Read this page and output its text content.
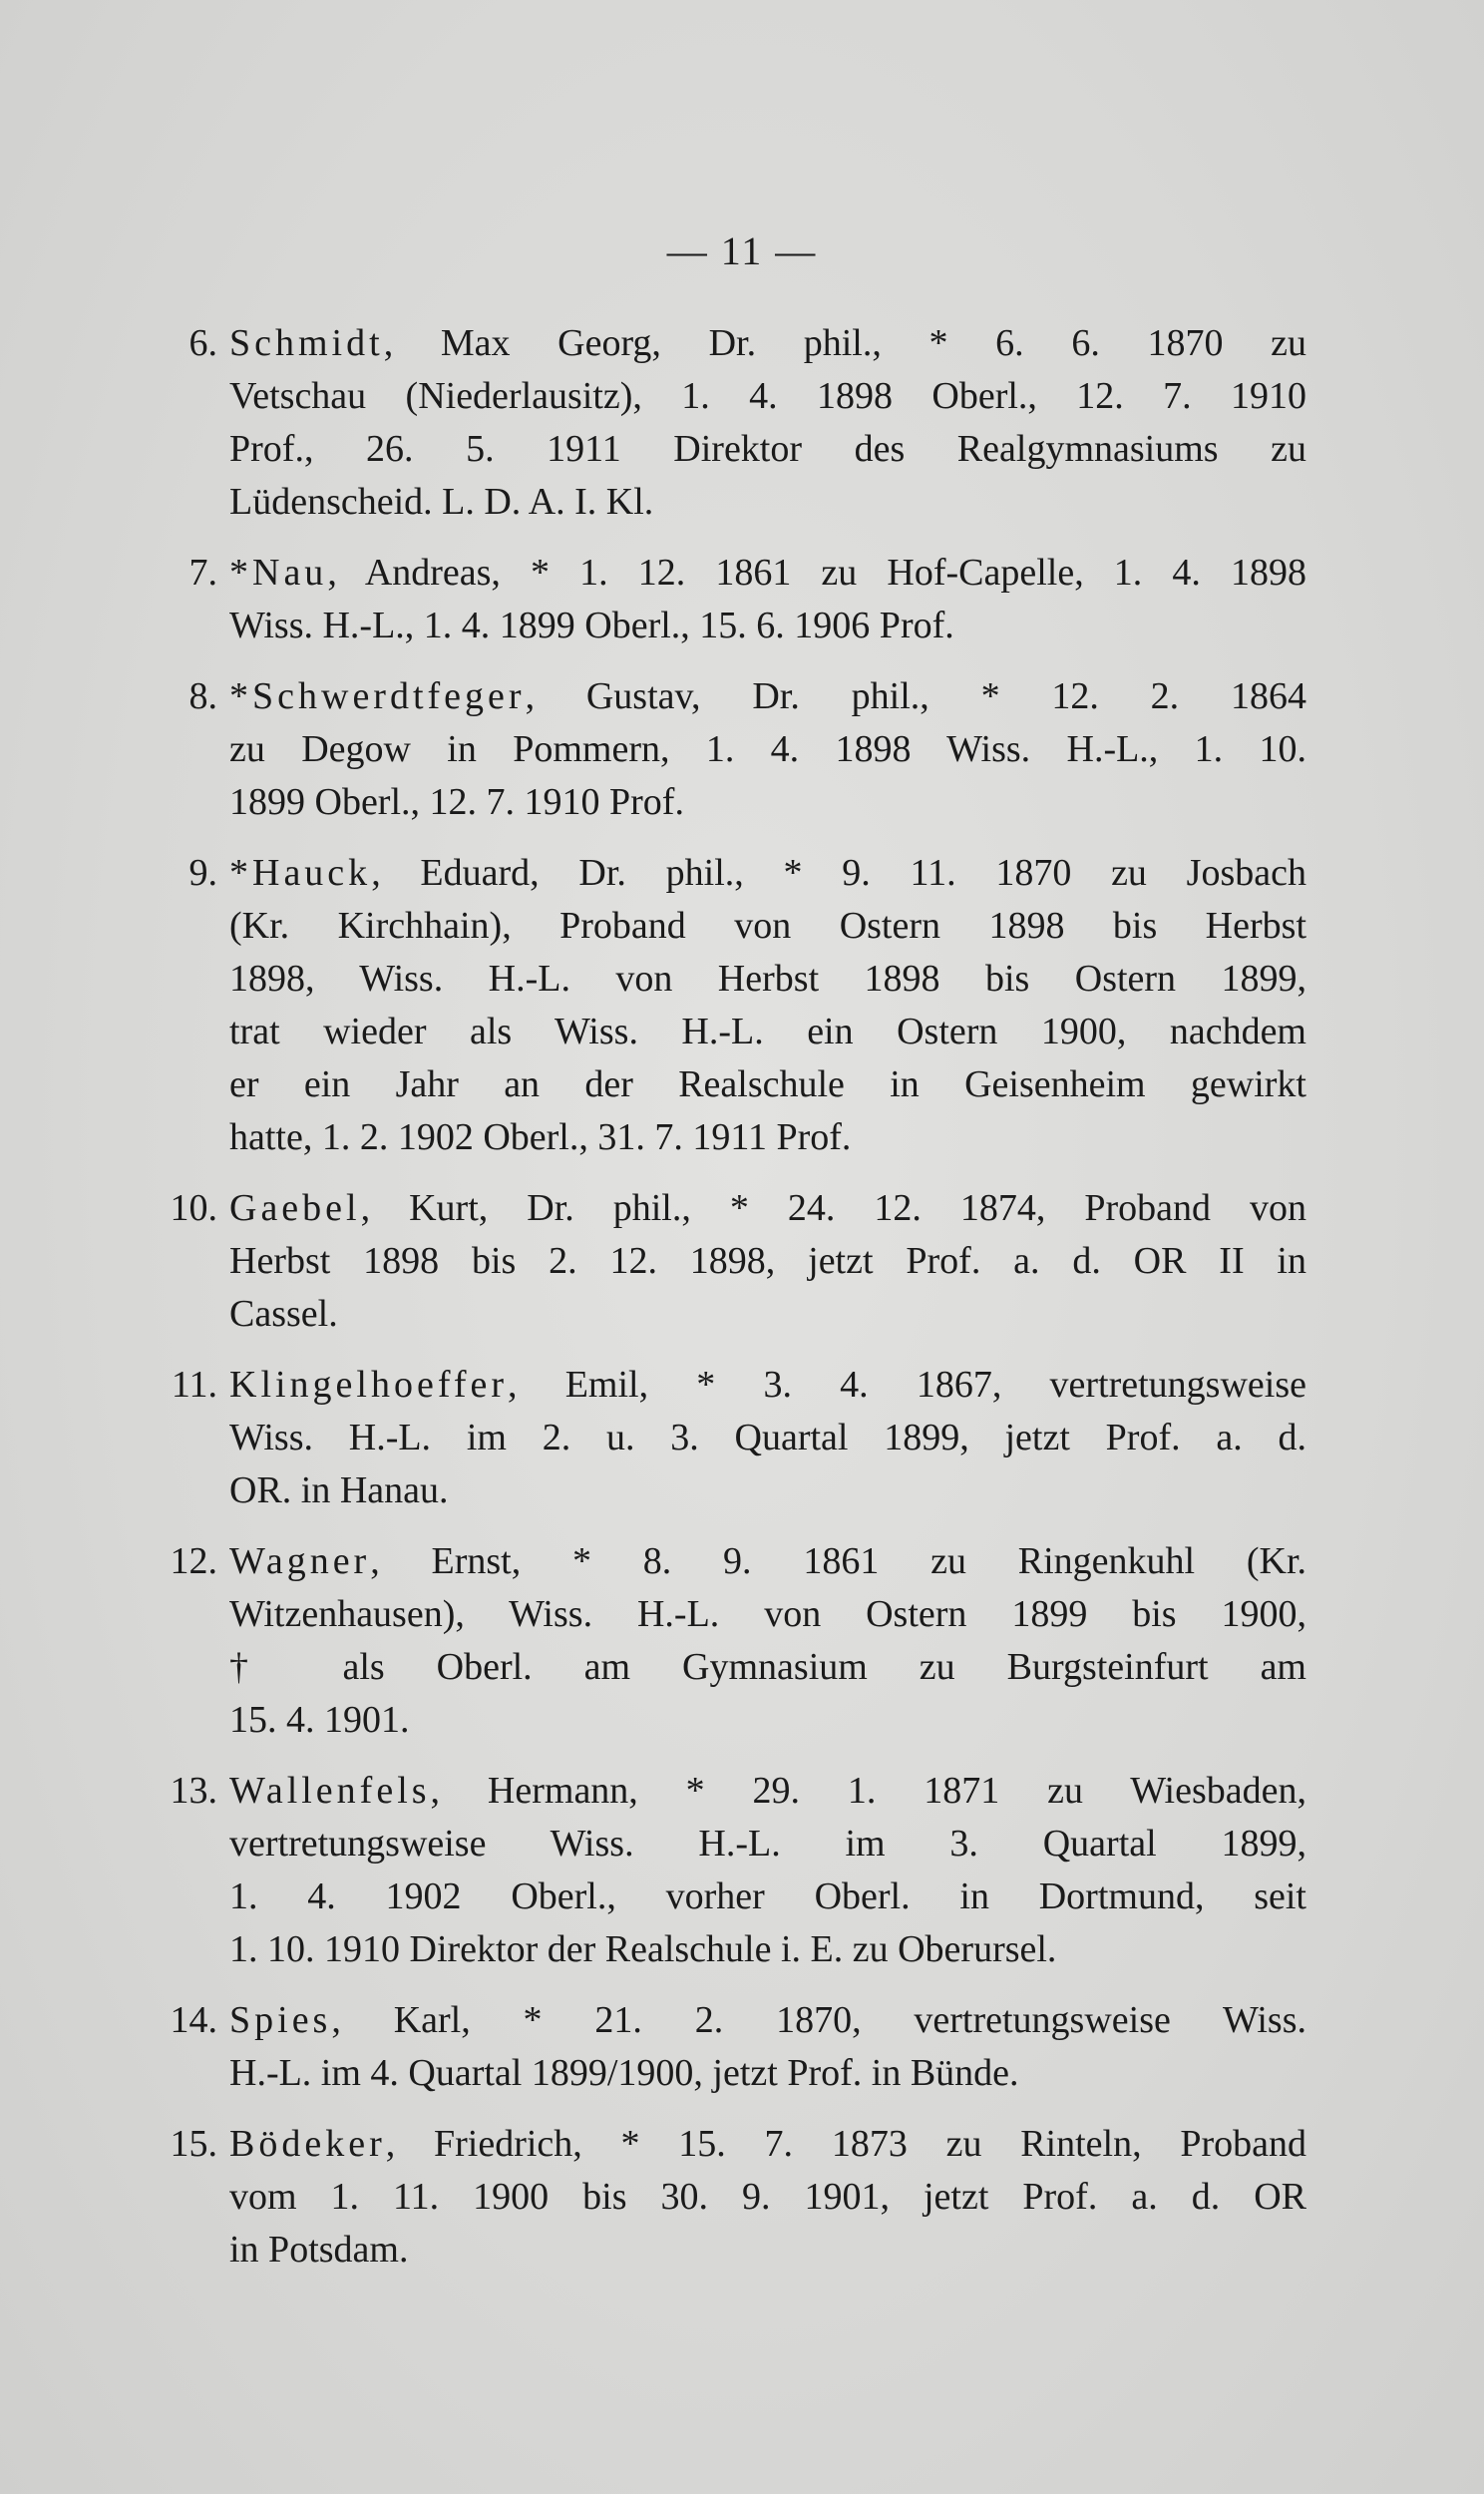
— 11 —
6. Schmidt, Max Georg, Dr. phil., * 6. 6. 1870 zu
Vetschau (Niederlausitz), 1. 4. 1898 Oberl., 12. 7. 1910
Prof., 26. 5. 1911 Direktor des Realgymnasiums zu
Lüdenscheid. L. D. A. I. Kl.
7. *Nau, Andreas, * 1. 12. 1861 zu Hof-Capelle, 1. 4. 1898
Wiss. H.-L., 1. 4. 1899 Oberl., 15. 6. 1906 Prof.
8. *Schwerdtfeger, Gustav, Dr. phil., * 12. 2. 1864
zu Degow in Pommern, 1. 4. 1898 Wiss. H.-L., 1. 10.
1899 Oberl., 12. 7. 1910 Prof.
9. *Hauck, Eduard, Dr. phil., * 9. 11. 1870 zu Josbach
(Kr. Kirchhain), Proband von Ostern 1898 bis Herbst
1898, Wiss. H.-L. von Herbst 1898 bis Ostern 1899,
trat wieder als Wiss. H.-L. ein Ostern 1900, nachdem
er ein Jahr an der Realschule in Geisenheim gewirkt
hatte, 1. 2. 1902 Oberl., 31. 7. 1911 Prof.
10. Gaebel, Kurt, Dr. phil., * 24. 12. 1874, Proband von
Herbst 1898 bis 2. 12. 1898, jetzt Prof. a. d. OR II in
Cassel.
11. Klingelhoeffer, Emil, * 3. 4. 1867, vertretungsweise
Wiss. H.-L. im 2. u. 3. Quartal 1899, jetzt Prof. a. d.
OR. in Hanau.
12. Wagner, Ernst, * 8. 9. 1861 zu Ringenkuhl (Kr.
Witzenhausen), Wiss. H.-L. von Ostern 1899 bis 1900,
† als Oberl. am Gymnasium zu Burgsteinfurt am
15. 4. 1901.
13. Wallenfels, Hermann, * 29. 1. 1871 zu Wiesbaden,
vertretungsweise Wiss. H.-L. im 3. Quartal 1899,
1. 4. 1902 Oberl., vorher Oberl. in Dortmund, seit
1. 10. 1910 Direktor der Realschule i. E. zu Oberursel.
14. Spies, Karl, * 21. 2. 1870, vertretungsweise Wiss.
H.-L. im 4. Quartal 1899/1900, jetzt Prof. in Bünde.
15. Bödeker, Friedrich, * 15. 7. 1873 zu Rinteln, Proband
vom 1. 11. 1900 bis 30. 9. 1901, jetzt Prof. a. d. OR
in Potsdam.
